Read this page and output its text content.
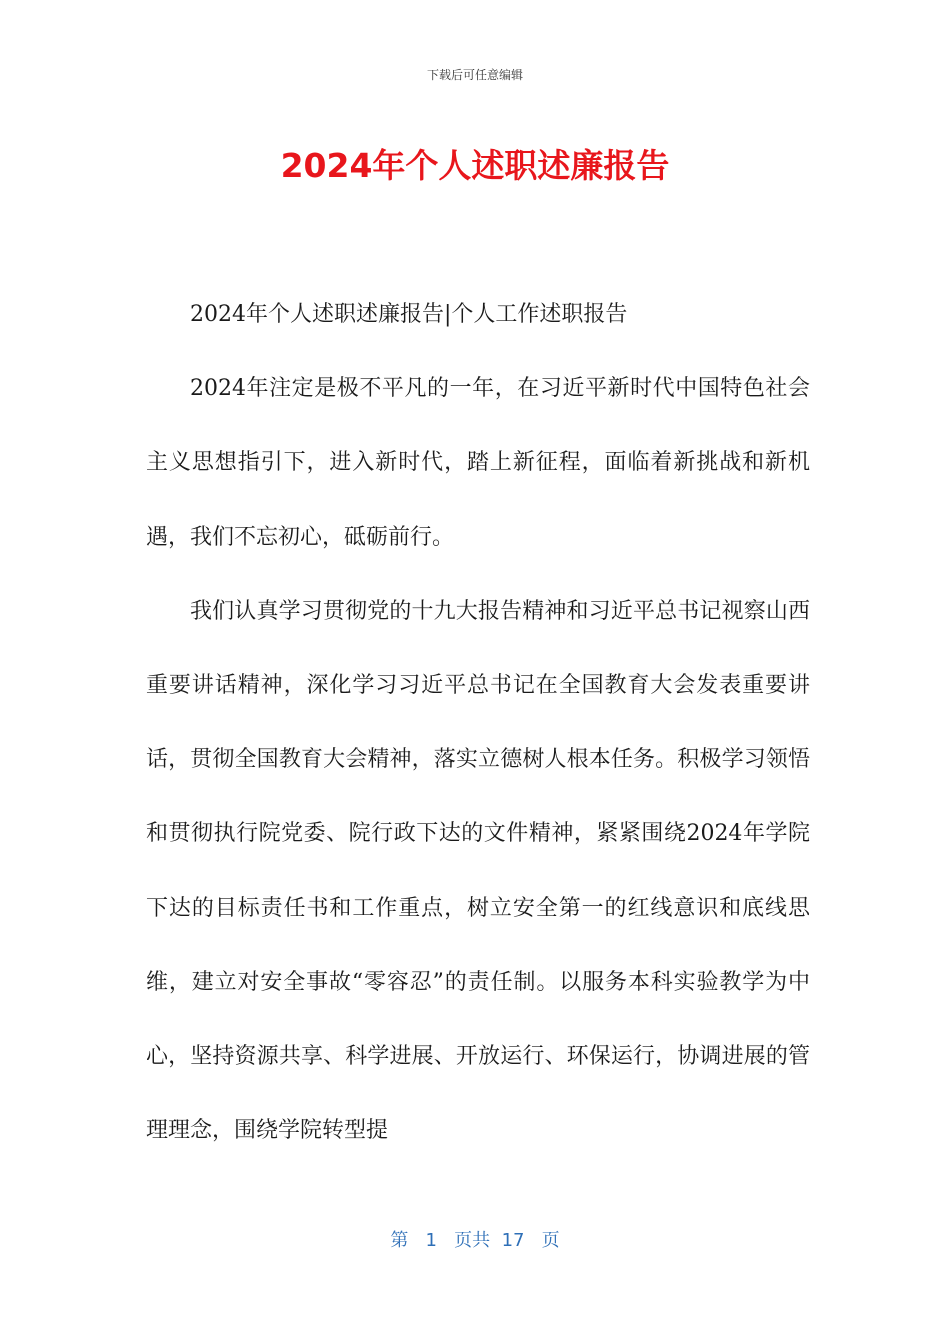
下载后可任意编辑
2024年个人述职述廉报告

2024年个人述职述廉报告|个人工作述职报告

2024年注定是极不平凡的一年，在习近平新时代中国特色社会主义思想指引下，进入新时代，踏上新征程，面临着新挑战和新机遇，我们不忘初心，砥砺前行。

我们认真学习贯彻党的十九大报告精神和习近平总书记视察山西重要讲话精神，深化学习习近平总书记在全国教育大会发表重要讲话，贯彻全国教育大会精神，落实立德树人根本任务。积极学习领悟和贯彻执行院党委、院行政下达的文件精神，紧紧围绕2024年学院下达的目标责任书和工作重点，树立安全第一的红线意识和底线思维，建立对安全事故“零容忍”的责任制。以服务本科实验教学为中心，坚持资源共享、科学进展、开放运行、环保运行，协调进展的管理理念，围绕学院转型提

第 1 页共 17 页
